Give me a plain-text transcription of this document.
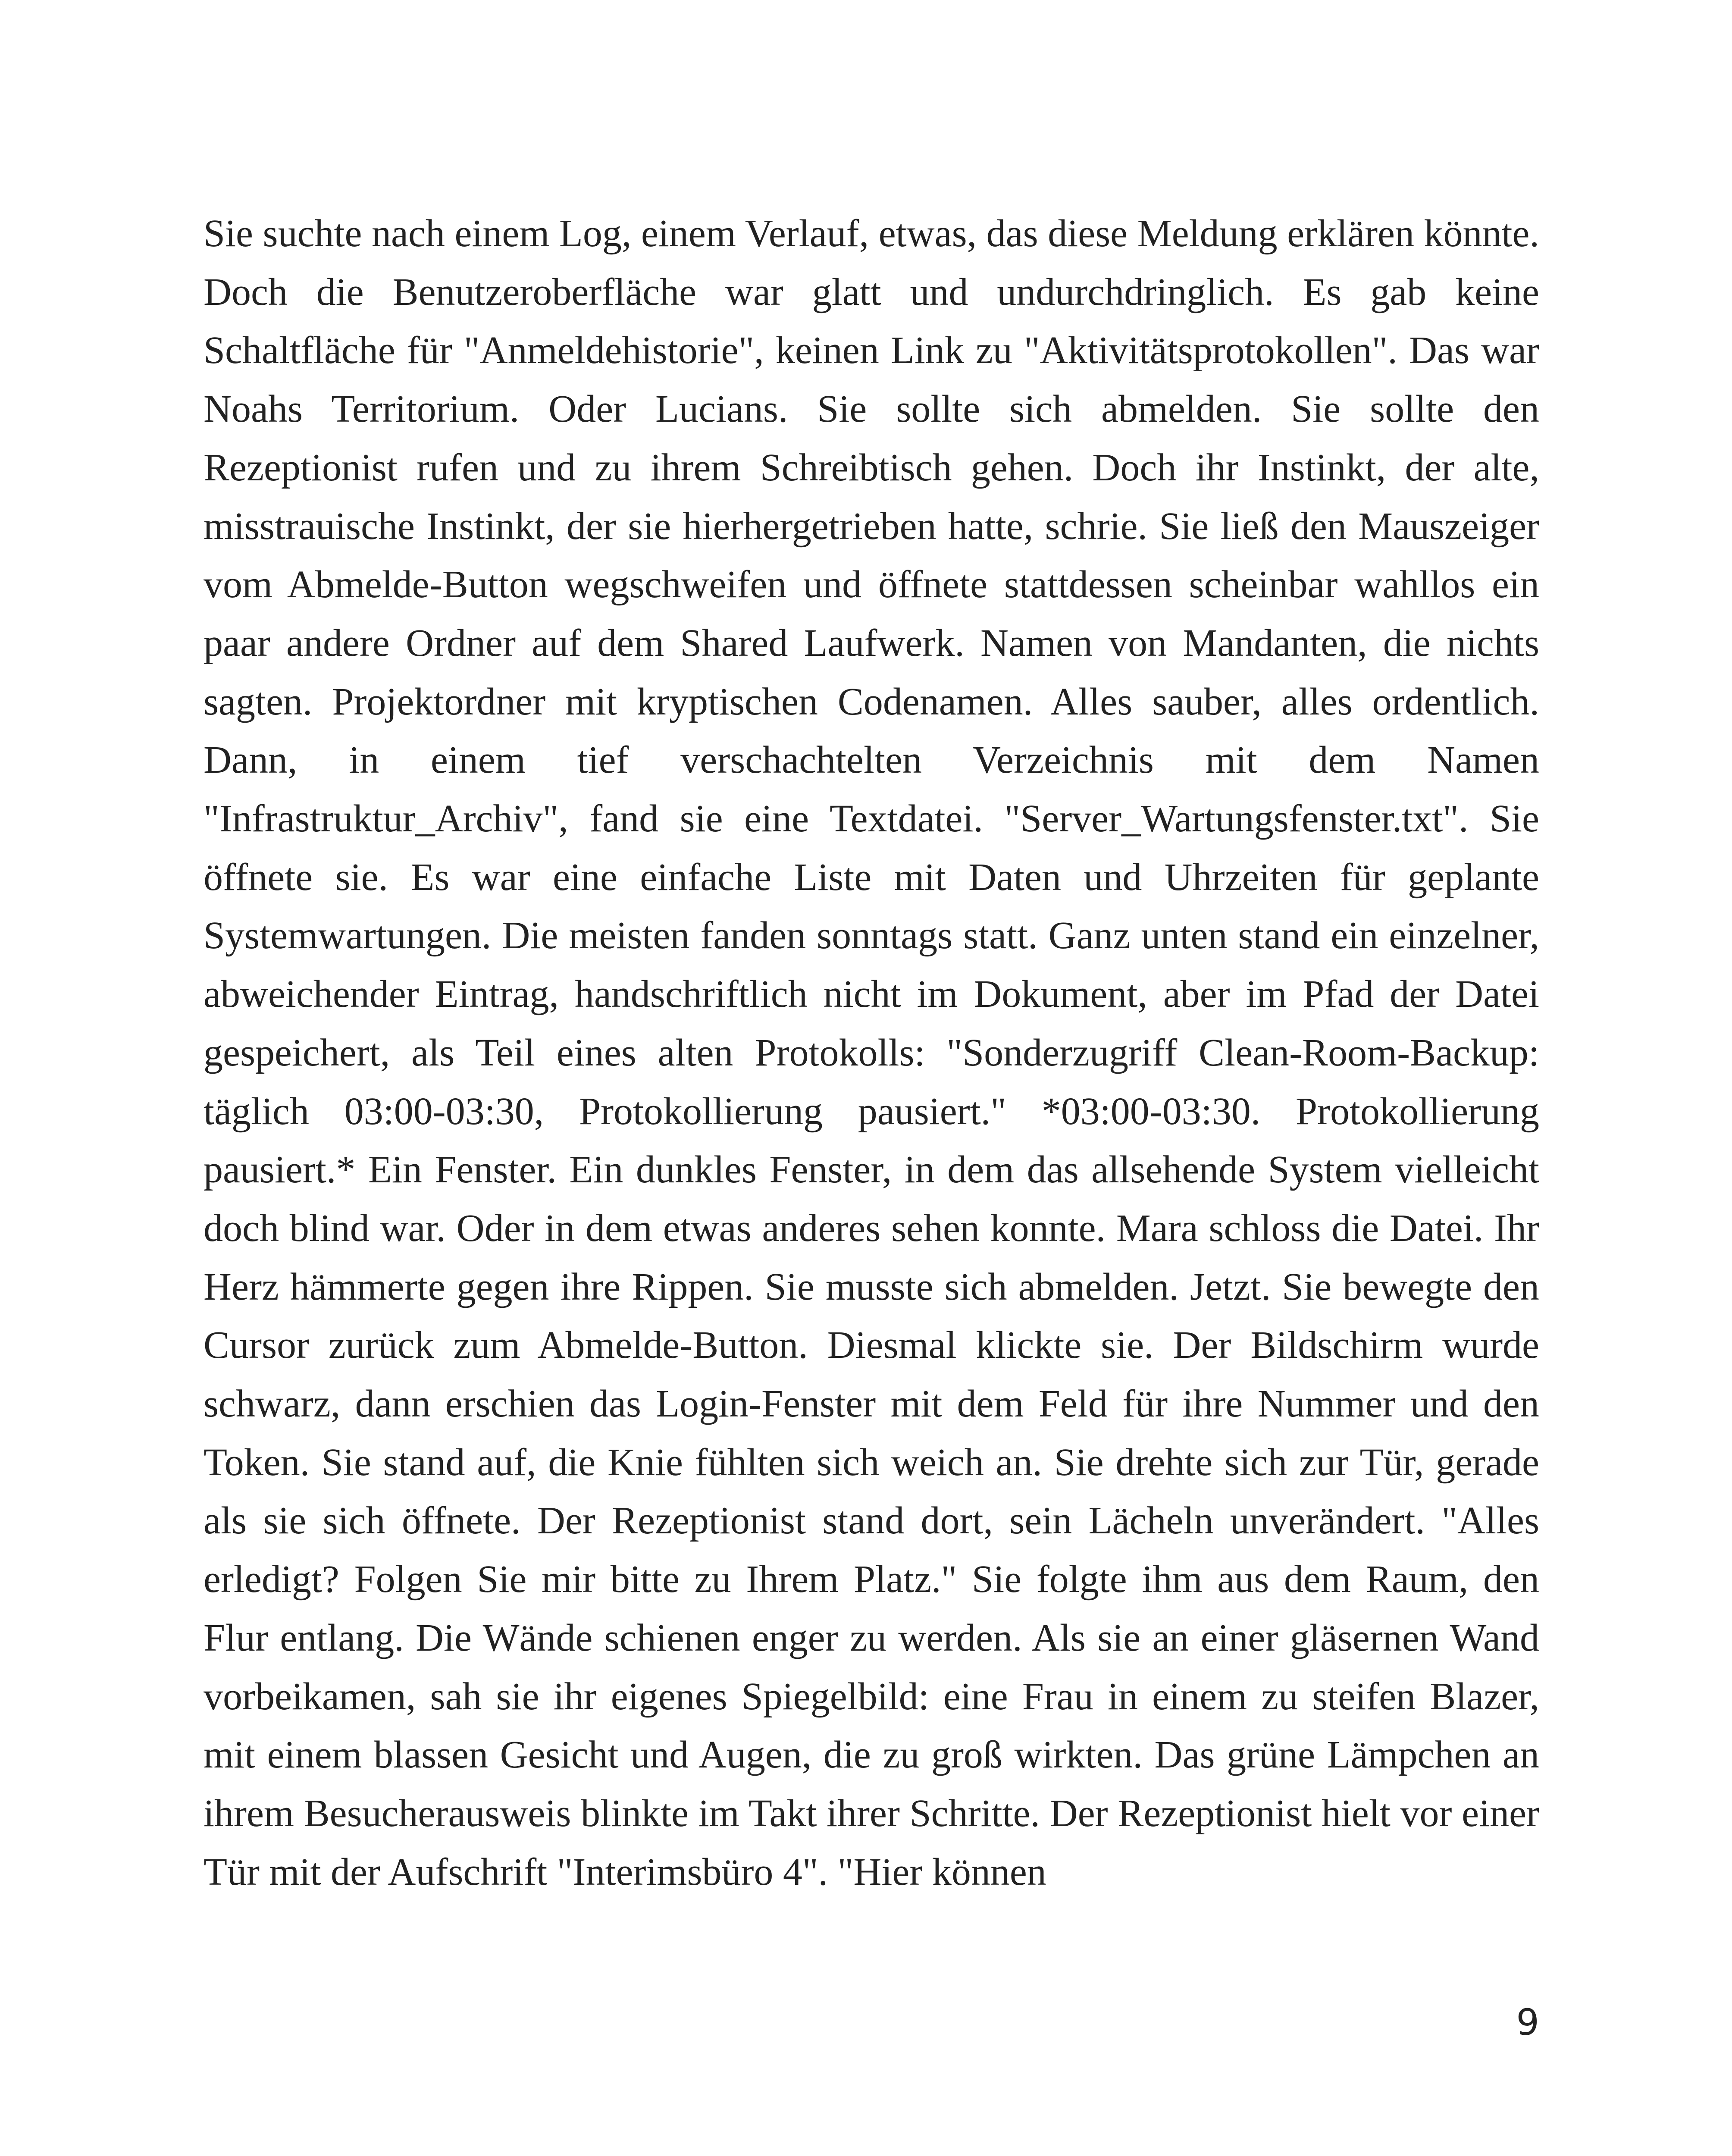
Sie suchte nach einem Log, einem Verlauf, etwas, das diese Meldung erklären könnte. Doch die Benutzeroberfläche war glatt und undurchdringlich. Es gab keine Schaltfläche für "Anmeldehistorie", keinen Link zu "Aktivitätsprotokollen". Das war Noahs Territorium. Oder Lucians. Sie sollte sich abmelden. Sie sollte den Rezeptionist rufen und zu ihrem Schreibtisch gehen. Doch ihr Instinkt, der alte, misstrauische Instinkt, der sie hierhergetrieben hatte, schrie. Sie ließ den Mauszeiger vom Abmelde-Button wegschweifen und öffnete stattdessen scheinbar wahllos ein paar andere Ordner auf dem Shared Laufwerk. Namen von Mandanten, die nichts sagten. Projektordner mit kryptischen Codenamen. Alles sauber, alles ordentlich. Dann, in einem tief verschachtelten Verzeichnis mit dem Namen "Infrastruktur_Archiv", fand sie eine Textdatei. "Server_Wartungsfenster.txt". Sie öffnete sie. Es war eine einfache Liste mit Daten und Uhrzeiten für geplante Systemwartungen. Die meisten fanden sonntags statt. Ganz unten stand ein einzelner, abweichender Eintrag, handschriftlich nicht im Dokument, aber im Pfad der Datei gespeichert, als Teil eines alten Protokolls: "Sonderzugriff Clean-Room-Backup: täglich 03:00-03:30, Protokollierung pausiert." *03:00-03:30. Protokollierung pausiert.* Ein Fenster. Ein dunkles Fenster, in dem das allsehende System vielleicht doch blind war. Oder in dem etwas anderes sehen konnte. Mara schloss die Datei. Ihr Herz hämmerte gegen ihre Rippen. Sie musste sich abmelden. Jetzt. Sie bewegte den Cursor zurück zum Abmelde-Button. Diesmal klickte sie. Der Bildschirm wurde schwarz, dann erschien das Login-Fenster mit dem Feld für ihre Nummer und den Token. Sie stand auf, die Knie fühlten sich weich an. Sie drehte sich zur Tür, gerade als sie sich öffnete. Der Rezeptionist stand dort, sein Lächeln unverändert. "Alles erledigt? Folgen Sie mir bitte zu Ihrem Platz." Sie folgte ihm aus dem Raum, den Flur entlang. Die Wände schienen enger zu werden. Als sie an einer gläsernen Wand vorbeikamen, sah sie ihr eigenes Spiegelbild: eine Frau in einem zu steifen Blazer, mit einem blassen Gesicht und Augen, die zu groß wirkten. Das grüne Lämpchen an ihrem Besucherausweis blinkte im Takt ihrer Schritte. Der Rezeptionist hielt vor einer Tür mit der Aufschrift "Interimsbüro 4". "Hier können

9
